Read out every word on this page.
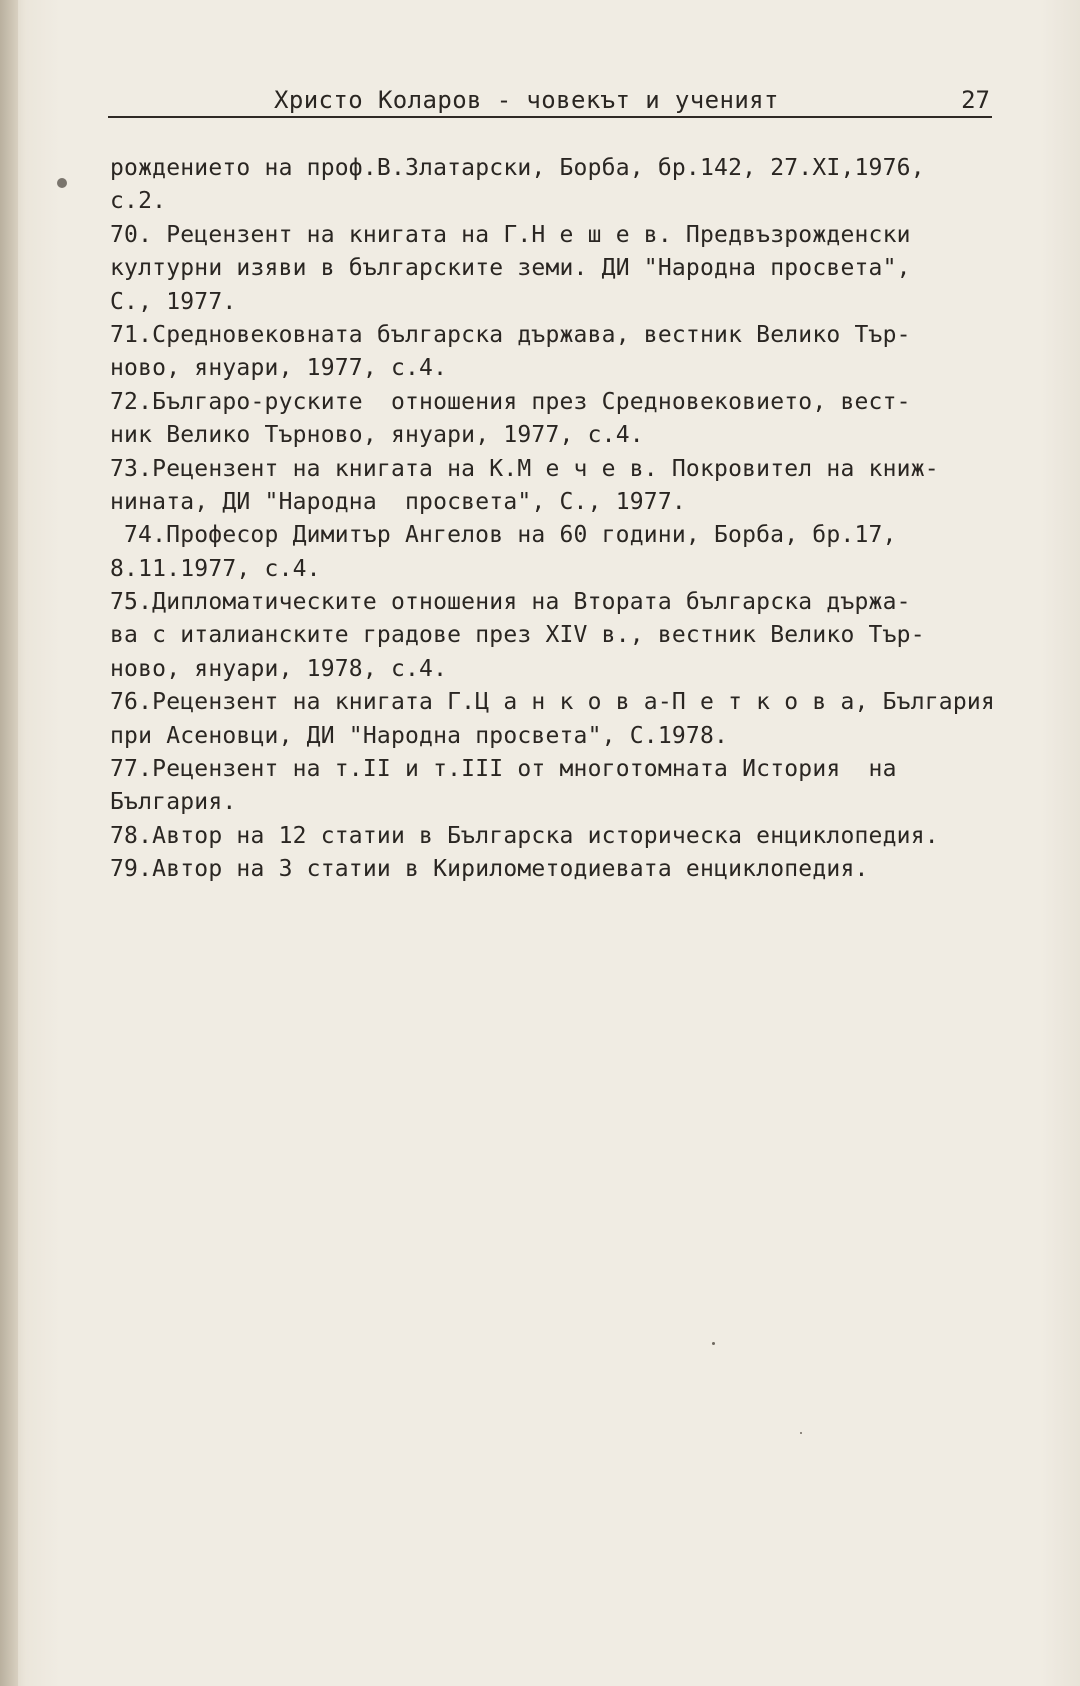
Христо Коларов - човекът и ученият	27
рождението на проф.В.Златарски, Борба, бр.142, 27.XI,1976,
с.2.
70. Рецензент на книгата на Г.Н е ш е в. Предвъзрожденски
културни изяви в българските земи. ДИ "Народна просвета",
С., 1977.
71.Средновековната българска държава, вестник Велико Тър-
ново, януари, 1977, с.4.
72.Българо-руските  отношения през Средновековието, вест-
ник Велико Търново, януари, 1977, с.4.
73.Рецензент на книгата на К.М е ч е в. Покровител на книж-
нината, ДИ "Народна  просвета", С., 1977.
74.Професор Димитър Ангелов на 60 години, Борба, бр.17,
8.11.1977, с.4.
75.Дипломатическите отношения на Втората българска държа-
ва с италианските градове през XIV в., вестник Велико Тър-
ново, януари, 1978, с.4.
76.Рецензент на книгата Г.Ц а н к о в а-П е т к о в а, България
при Асеновци, ДИ "Народна просвета", С.1978.
77.Рецензент на т.II и т.III от многотомната История  на
България.
78.Автор на 12 статии в Българска историческа енциклопедия.
79.Автор на 3 статии в Кирилометодиевата енциклопедия.
